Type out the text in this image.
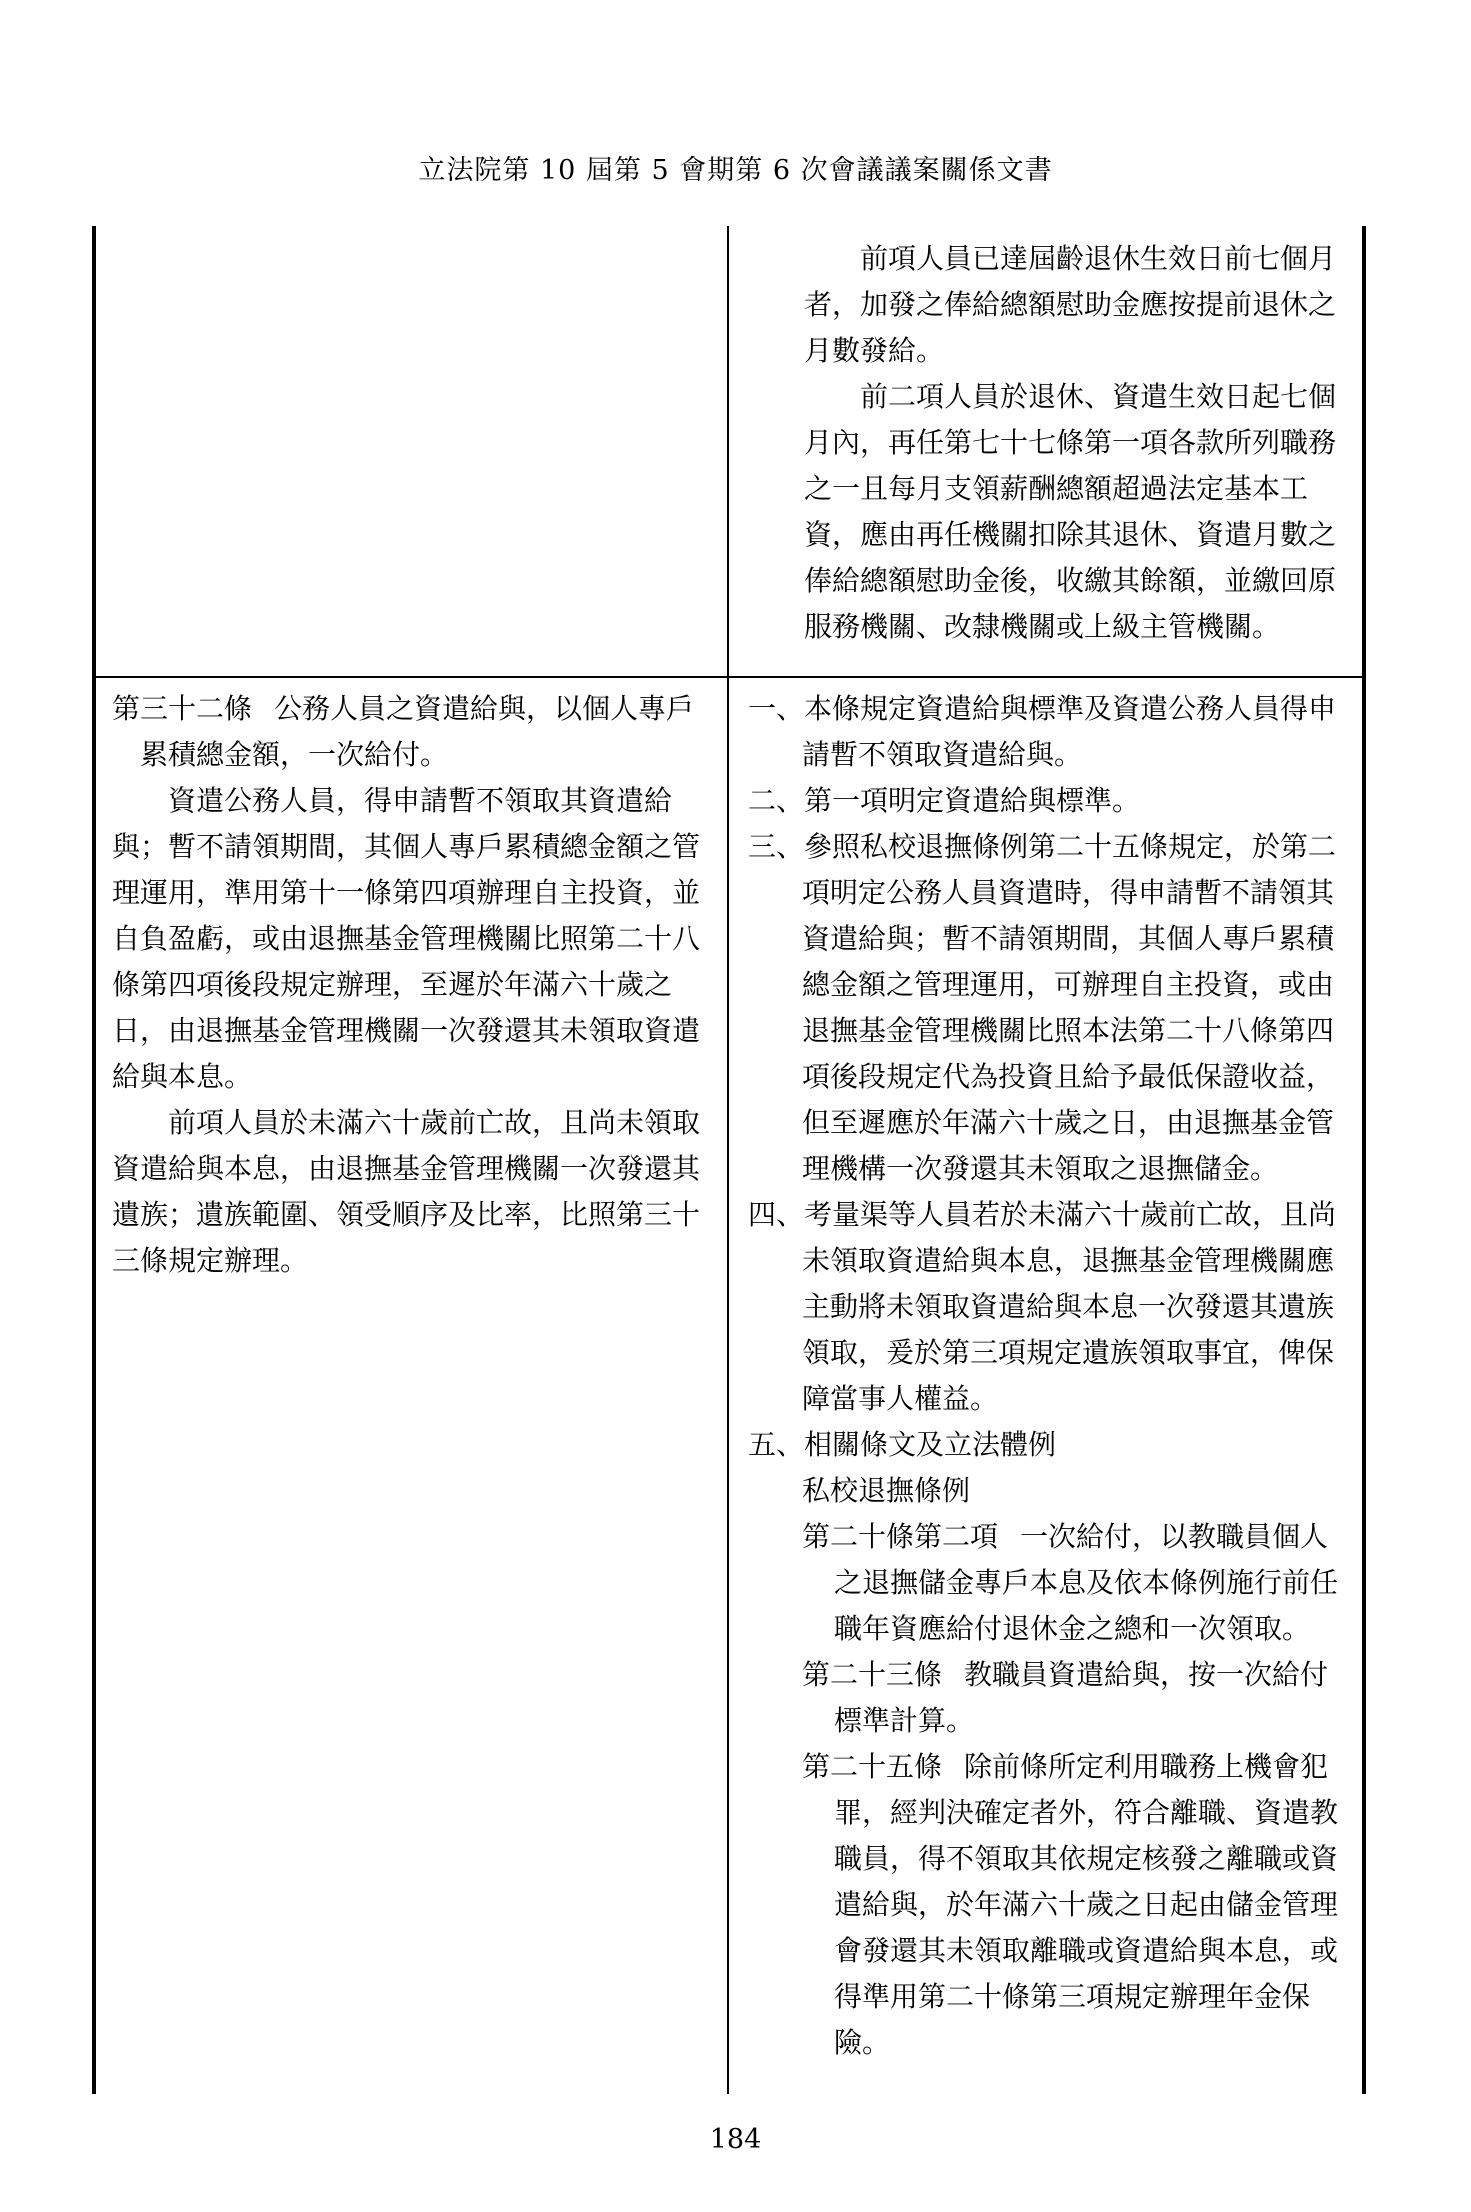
立法院第 10 屆第 5 會期第 6 次會議議案關係文書

前項人員已達屆齡退休生效日前七個月者，加發之俸給總額慰助金應按提前退休之月數發給。

前二項人員於退休、資遣生效日起七個月內，再任第七十七條第一項各款所列職務之一且每月支領薪酬總額超過法定基本工資，應由再任機關扣除其退休、資遣月數之俸給總額慰助金後，收繳其餘額，並繳回原服務機關、改隸機關或上級主管機關。

第三十二條 公務人員之資遣給與，以個人專戶累積總金額，一次給付。

資遣公務人員，得申請暫不領取其資遣給與；暫不請領期間，其個人專戶累積總金額之管理運用，準用第十一條第四項辦理自主投資，並自負盈虧，或由退撫基金管理機關比照第二十八條第四項後段規定辦理，至遲於年滿六十歲之日，由退撫基金管理機關一次發還其未領取資遣給與本息。

前項人員於未滿六十歲前亡故，且尚未領取資遣給與本息，由退撫基金管理機關一次發還其遺族；遺族範圍、領受順序及比率，比照第三十三條規定辦理。

一、本條規定資遣給與標準及資遣公務人員得申請暫不領取資遣給與。

二、第一項明定資遣給與標準。

三、參照私校退撫條例第二十五條規定，於第二項明定公務人員資遣時，得申請暫不請領其資遣給與；暫不請領期間，其個人專戶累積總金額之管理運用，可辦理自主投資，或由退撫基金管理機關比照本法第二十八條第四項後段規定代為投資且給予最低保證收益，但至遲應於年滿六十歲之日，由退撫基金管理機構一次發還其未領取之退撫儲金。

四、考量渠等人員若於未滿六十歲前亡故，且尚未領取資遣給與本息，退撫基金管理機關應主動將未領取資遣給與本息一次發還其遺族領取，爰於第三項規定遺族領取事宜，俾保障當事人權益。

五、相關條文及立法體例

私校退撫條例

第二十條第二項 一次給付，以教職員個人之退撫儲金專戶本息及依本條例施行前任職年資應給付退休金之總和一次領取。

第二十三條 教職員資遣給與，按一次給付標準計算。

第二十五條 除前條所定利用職務上機會犯罪，經判決確定者外，符合離職、資遣教職員，得不領取其依規定核發之離職或資遣給與，於年滿六十歲之日起由儲金管理會發還其未領取離職或資遣給與本息，或得準用第二十條第三項規定辦理年金保險。

184
